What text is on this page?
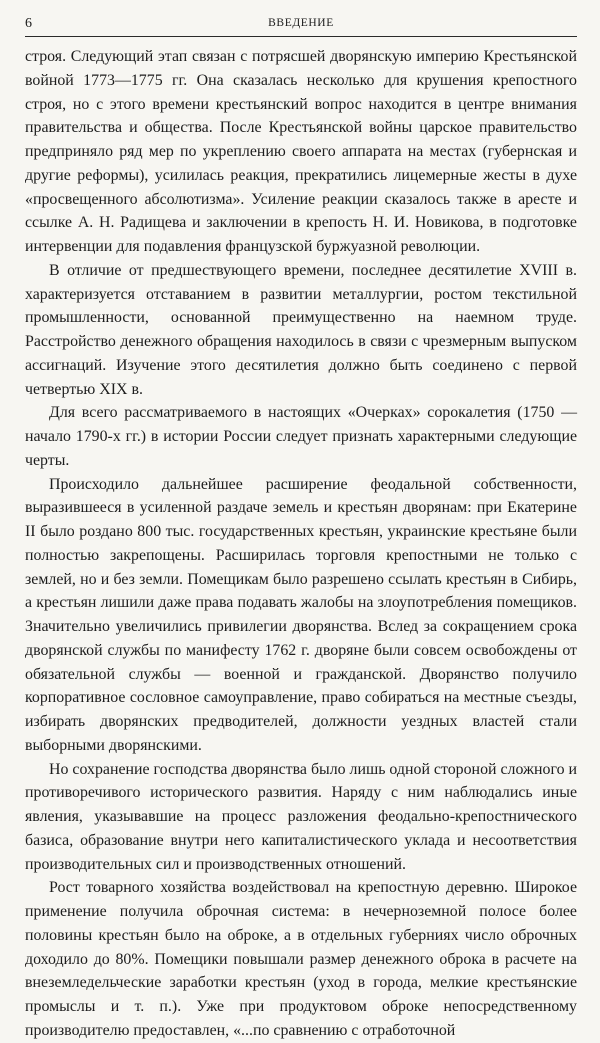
6	ВВЕДЕНИЕ

строя. Следующий этап связан с потрясшей дворянскую империю Крестьянской войной 1773—1775 гг. Она сказалась несколько для крушения крепостного строя, но с этого времени крестьянский вопрос находится в центре внимания правительства и общества. После Крестьянской войны царское правительство предприняло ряд мер по укреплению своего аппарата на местах (губернская и другие реформы), усилилась реакция, прекратились лицемерные жесты в духе «просвещенного абсолютизма». Усиление реакции сказалось также в аресте и ссылке А. Н. Радищева и заключении в крепость Н. И. Новикова, в подготовке интервенции для подавления французской буржуазной революции.

В отличие от предшествующего времени, последнее десятилетие XVIII в. характеризуется отставанием в развитии металлургии, ростом текстильной промышленности, основанной преимущественно на наемном труде. Расстройство денежного обращения находилось в связи с чрезмерным выпуском ассигнаций. Изучение этого десятилетия должно быть соединено с первой четвертью XIX в.

Для всего рассматриваемого в настоящих «Очерках» сорокалетия (1750 — начало 1790-х гг.) в истории России следует признать характерными следующие черты.

Происходило дальнейшее расширение феодальной собственности, выразившееся в усиленной раздаче земель и крестьян дворянам: при Екатерине II было роздано 800 тыс. государственных крестьян, украинские крестьяне были полностью закрепощены. Расширилась торговля крепостными не только с землей, но и без земли. Помещикам было разрешено ссылать крестьян в Сибирь, а крестьян лишили даже права подавать жалобы на злоупотребления помещиков. Значительно увеличились привилегии дворянства. Вслед за сокращением срока дворянской службы по манифесту 1762 г. дворяне были совсем освобождены от обязательной службы — военной и гражданской. Дворянство получило корпоративное сословное самоуправление, право собираться на местные съезды, избирать дворянских предводителей, должности уездных властей стали выборными дворянскими.

Но сохранение господства дворянства было лишь одной стороной сложного и противоречивого исторического развития. Наряду с ним наблюдались иные явления, указывавшие на процесс разложения феодально-крепостнического базиса, образование внутри него капиталистического уклада и несоответствия производительных сил и производственных отношений.

Рост товарного хозяйства воздействовал на крепостную деревню. Широкое применение получила оброчная система: в нечерноземной полосе более половины крестьян было на оброке, а в отдельных губерниях число оброчных доходило до 80%. Помещики повышали размер денежного оброка в расчете на внеземледельческие заработки крестьян (уход в города, мелкие крестьянские промыслы и т. п.). Уже при продуктовом оброке непосредственному производителю предоставлен, «...по сравнению с отработочной
